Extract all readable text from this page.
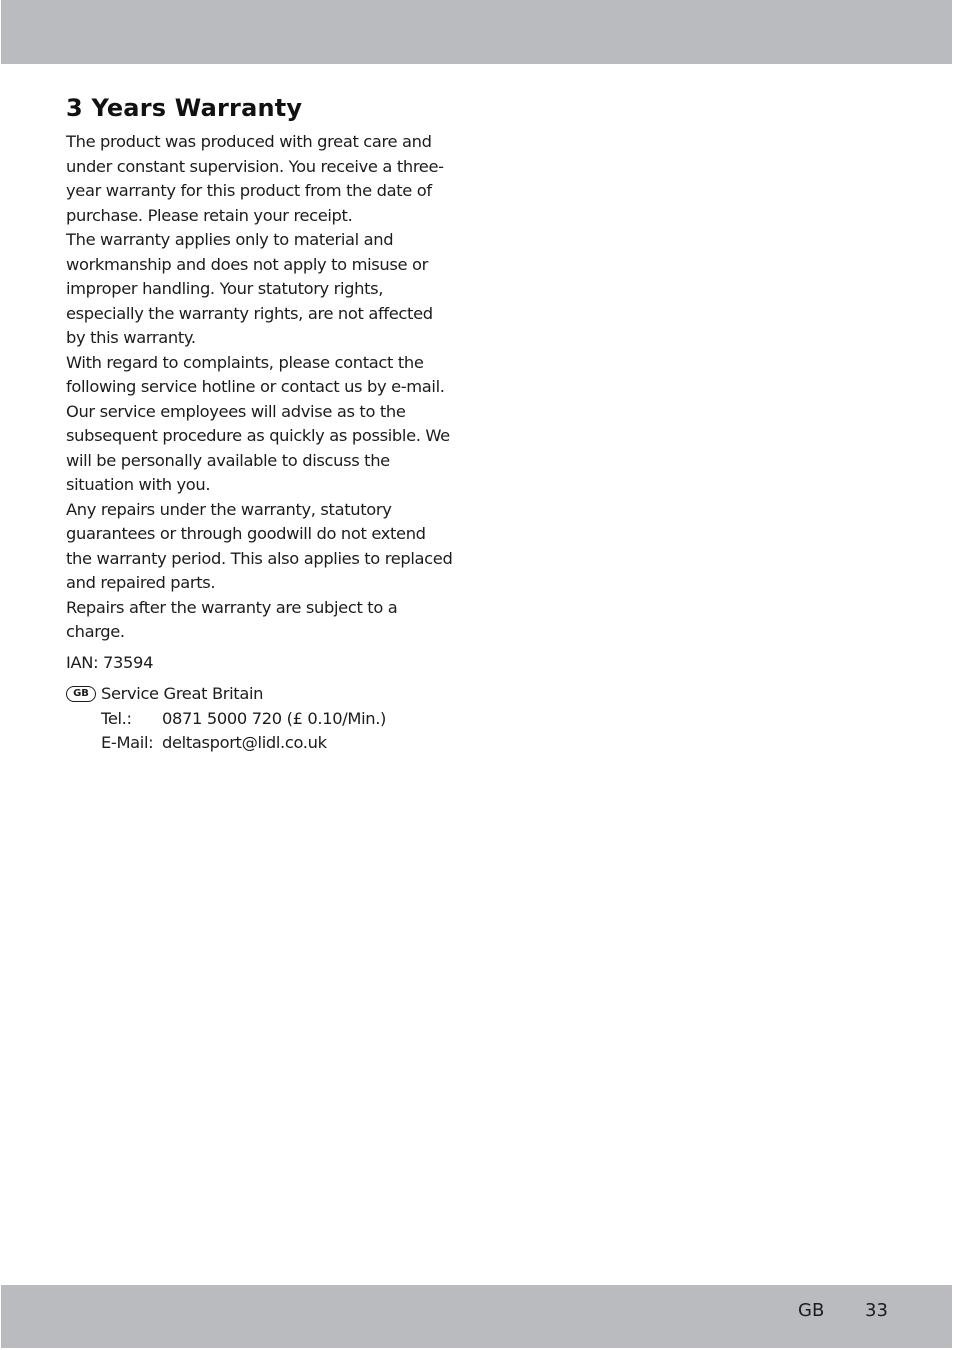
3 Years Warranty

The product was produced with great care and under constant supervision. You receive a three-year warranty for this product from the date of purchase. Please retain your receipt.

The warranty applies only to material and workmanship and does not apply to misuse or improper handling. Your statutory rights, especially the warranty rights, are not affected by this warranty.

With regard to complaints, please contact the following service hotline or contact us by e-mail. Our service employees will advise as to the subsequent procedure as quickly as possible. We will be personally available to discuss the situation with you.

Any repairs under the warranty, statutory guarantees or through goodwill do not extend the warranty period. This also applies to replaced and repaired parts.

Repairs after the warranty are subject to a charge.

IAN: 73594
GB Service Great Britain
Tel.:	0871 5000 720 (£ 0.10/Min.)
E-Mail: deltasport@lidl.co.uk
GB 33
